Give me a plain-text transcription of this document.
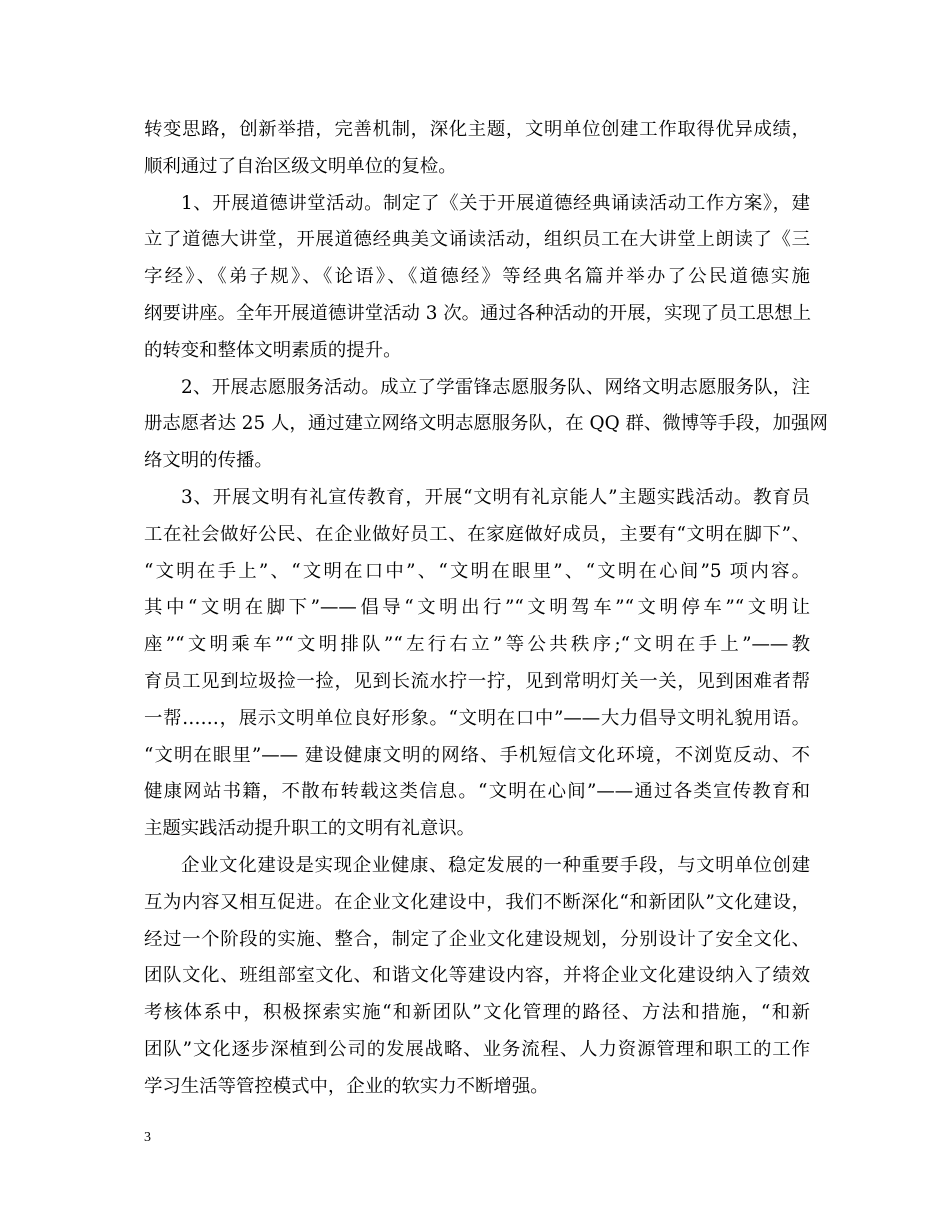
转变思路，创新举措，完善机制，深化主题，文明单位创建工作取得优异成绩，
顺利通过了自治区级文明单位的复检。
1、开展道德讲堂活动。制定了《关于开展道德经典诵读活动工作方案》，建
立了道德大讲堂，开展道德经典美文诵读活动，组织员工在大讲堂上朗读了《三
字经》、《弟子规》、《论语》、《道德经》等经典名篇并举办了公民道德实施
纲要讲座。全年开展道德讲堂活动 3 次。通过各种活动的开展，实现了员工思想上
的转变和整体文明素质的提升。
2、开展志愿服务活动。成立了学雷锋志愿服务队、网络文明志愿服务队，注
册志愿者达 25 人，通过建立网络文明志愿服务队，在 QQ 群、微博等手段，加强网
络文明的传播。
3、开展文明有礼宣传教育，开展“文明有礼京能人”主题实践活动。教育员
工在社会做好公民、在企业做好员工、在家庭做好成员，主要有“文明在脚下”、
“文明在手上”、“文明在口中”、“文明在眼里”、“文明在心间”5 项内容。
其中“文明在脚下”——倡导“文明出行”“文明驾车”“文明停车”“文明让
座”“文明乘车”“文明排队”“左行右立”等公共秩序;“文明在手上”——教
育员工见到垃圾捡一捡，见到长流水拧一拧，见到常明灯关一关，见到困难者帮
一帮……，展示文明单位良好形象。“文明在口中”——大力倡导文明礼貌用语。
“文明在眼里”—— 建设健康文明的网络、手机短信文化环境，不浏览反动、不
健康网站书籍，不散布转载这类信息。“文明在心间”——通过各类宣传教育和
主题实践活动提升职工的文明有礼意识。
企业文化建设是实现企业健康、稳定发展的一种重要手段，与文明单位创建
互为内容又相互促进。在企业文化建设中，我们不断深化“和新团队”文化建设，
经过一个阶段的实施、整合，制定了企业文化建设规划，分别设计了安全文化、
团队文化、班组部室文化、和谐文化等建设内容，并将企业文化建设纳入了绩效
考核体系中，积极探索实施“和新团队”文化管理的路径、方法和措施，“和新
团队”文化逐步深植到公司的发展战略、业务流程、人力资源管理和职工的工作
学习生活等管控模式中，企业的软实力不断增强。
3
